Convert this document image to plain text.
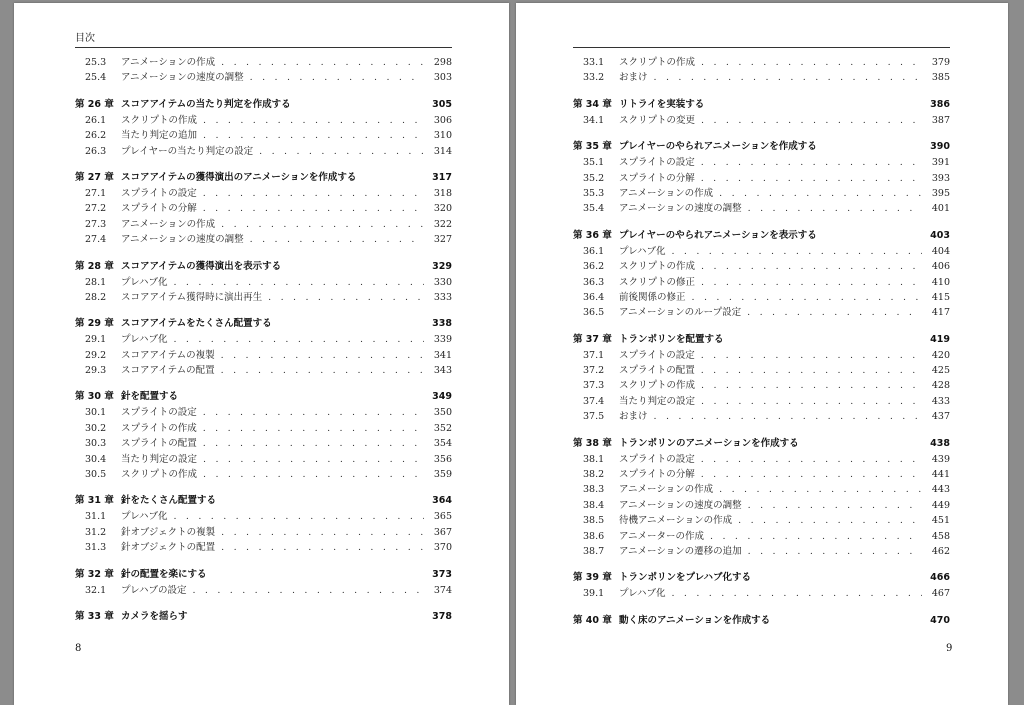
目次
25.3	アニメーションの作成 . . .	298
25.4	アニメーションの速度の調整 . . .	303
第 26 章 スコアアイテムの当たり判定を作成する	305
26.1	スクリプトの作成 . . .	306
26.2	当たり判定の追加 . . .	310
26.3	プレイヤーの当たり判定の設定 . . .	314
第 27 章 スコアアイテムの獲得演出のアニメーションを作成する	317
27.1	スプライトの設定 . . .	318
27.2	スプライトの分解 . . .	320
27.3	アニメーションの作成 . . .	322
27.4	アニメーションの速度の調整 . . .	327
第 28 章 スコアアイテムの獲得演出を表示する	329
28.1	プレハブ化 . . .	330
28.2	スコアアイテム獲得時に演出再生 . . .	333
第 29 章 スコアアイテムをたくさん配置する	338
29.1	プレハブ化 . . .	339
29.2	スコアアイテムの複製 . . .	341
29.3	スコアアイテムの配置 . . .	343
第 30 章 針を配置する	349
30.1	スプライトの設定 . . .	350
30.2	スプライトの作成 . . .	352
30.3	スプライトの配置 . . .	354
30.4	当たり判定の設定 . . .	356
30.5	スクリプトの作成 . . .	359
第 31 章 針をたくさん配置する	364
31.1	プレハブ化 . . .	365
31.2	針オブジェクトの複製 . . .	367
31.3	針オブジェクトの配置 . . .	370
第 32 章 針の配置を楽にする	373
32.1	プレハブの設定 . . .	374
第 33 章 カメラを揺らす	378
8
33.1	スクリプトの作成 . . .	379
33.2	おまけ . . .	385
第 34 章 リトライを実装する	386
34.1	スクリプトの変更 . . .	387
第 35 章 プレイヤーのやられアニメーションを作成する	390
35.1	スプライトの設定 . . .	391
35.2	スプライトの分解 . . .	393
35.3	アニメーションの作成 . . .	395
35.4	アニメーションの速度の調整 . . .	401
第 36 章 プレイヤーのやられアニメーションを表示する	403
36.1	プレハブ化 . . .	404
36.2	スクリプトの作成 . . .	406
36.3	スクリプトの修正 . . .	410
36.4	前後関係の修正 . . .	415
36.5	アニメーションのループ設定 . . .	417
第 37 章 トランポリンを配置する	419
37.1	スプライトの設定 . . .	420
37.2	スプライトの配置 . . .	425
37.3	スクリプトの作成 . . .	428
37.4	当たり判定の設定 . . .	433
37.5	おまけ . . .	437
第 38 章 トランポリンのアニメーションを作成する	438
38.1	スプライトの設定 . . .	439
38.2	スプライトの分解 . . .	441
38.3	アニメーションの作成 . . .	443
38.4	アニメーションの速度の調整 . . .	449
38.5	待機アニメーションの作成 . . .	451
38.6	アニメーターの作成 . . .	458
38.7	アニメーションの遷移の追加 . . .	462
第 39 章 トランポリンをプレハブ化する	466
39.1	プレハブ化 . . .	467
第 40 章 動く床のアニメーションを作成する	470
9
